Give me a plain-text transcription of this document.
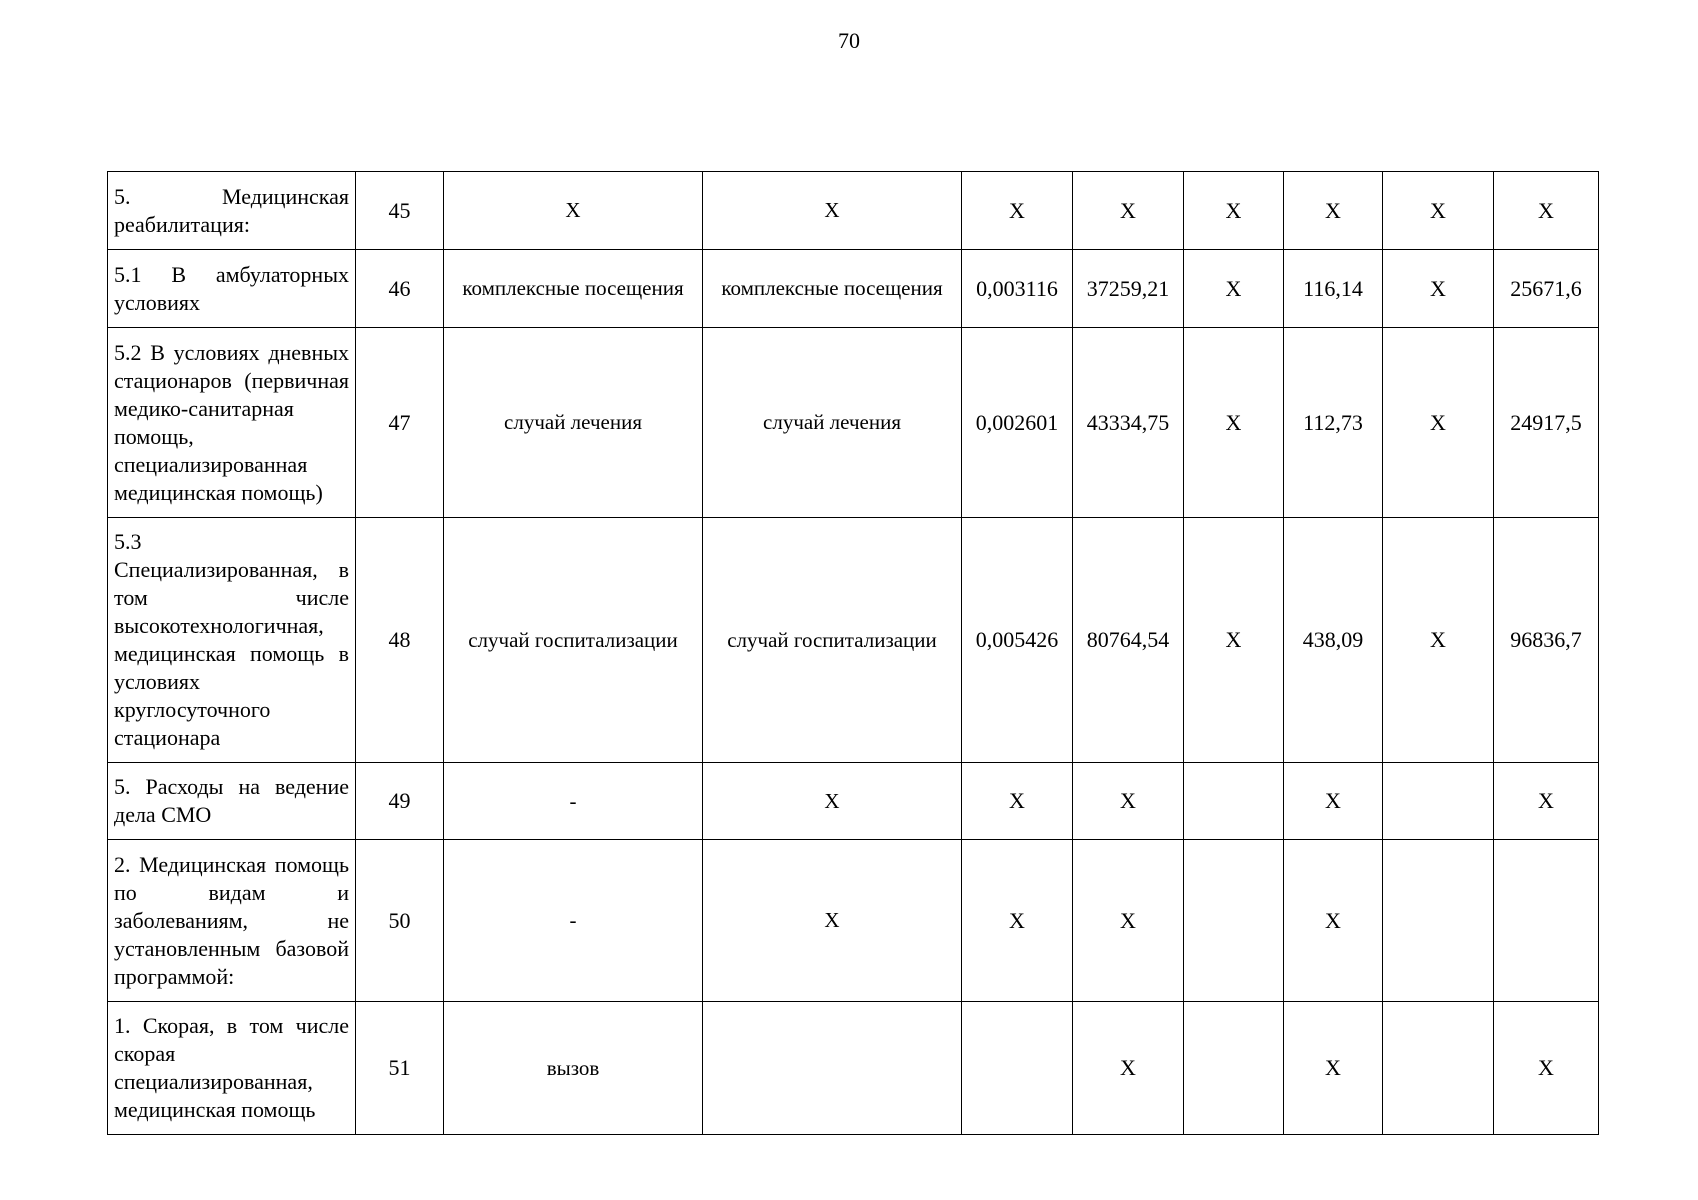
70
5. Медицинская реабилитация:	45	Х	Х	Х	Х	Х	Х	Х	Х
5.1 В амбулаторных условиях	46	комплексные посещения	комплексные посещения	0,003116	37259,21	Х	116,14	Х	25671,6
5.2 В условиях дневных стационаров (первичная медико-санитарная помощь, специализированная медицинская помощь)	47	случай лечения	случай лечения	0,002601	43334,75	Х	112,73	Х	24917,5
5.3 Специализированная, в том числе высокотехнологичная, медицинская помощь в условиях круглосуточного стационара	48	случай госпитализации	случай госпитализации	0,005426	80764,54	Х	438,09	Х	96836,7
5. Расходы на ведение дела СМО	49	-	Х	Х	Х		Х		Х
2. Медицинская помощь по видам и заболеваниям, не установленным базовой программой:	50	-	Х	Х	Х		Х		
1. Скорая, в том числе скорая специализированная, медицинская помощь	51	вызов			Х		Х		Х
